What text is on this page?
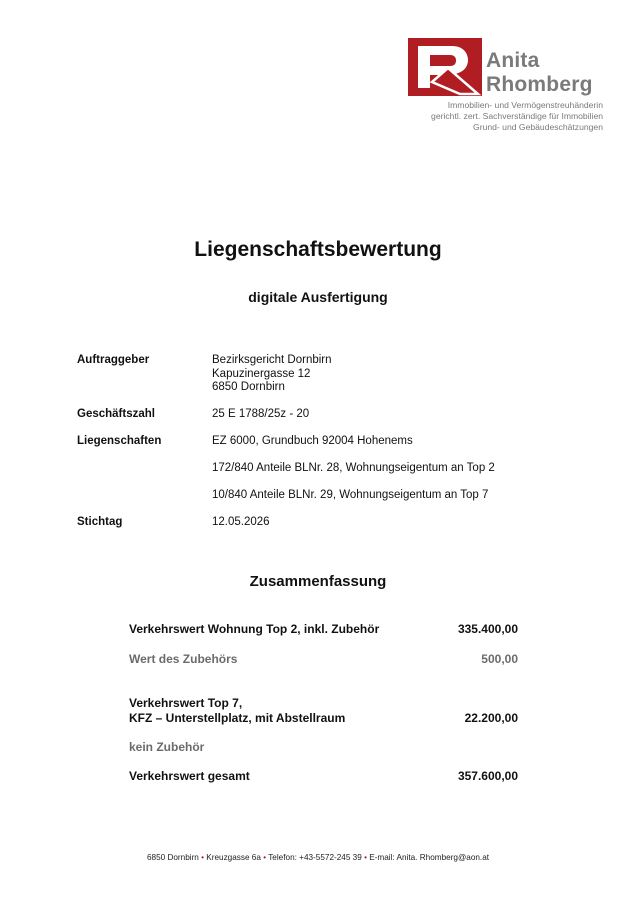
Anita
Rhomberg
Immobilien- und Vermögenstreuhänderin
gerichtl. zert. Sachverständige für Immobilien
Grund- und Gebäudeschätzungen
Liegenschaftsbewertung
digitale Ausfertigung
Auftraggeber	Bezirksgericht Dornbirn
Kapuzinergasse 12
6850 Dornbirn
Geschäftszahl	25 E 1788/25z - 20
Liegenschaften	EZ 6000, Grundbuch 92004 Hohenems
172/840 Anteile BLNr. 28, Wohnungseigentum an Top 2
10/840 Anteile BLNr. 29, Wohnungseigentum an Top 7
Stichtag	12.05.2026
Zusammenfassung
Verkehrswert Wohnung Top 2, inkl. Zubehör	335.400,00
Wert des Zubehörs	500,00
Verkehrswert Top 7,
KFZ – Unterstellplatz, mit Abstellraum	22.200,00
kein Zubehör
Verkehrswert gesamt	357.600,00
6850 Dornbirn • Kreuzgasse 6a • Telefon: +43-5572-245 39 • E-mail: Anita. Rhomberg@aon.at
